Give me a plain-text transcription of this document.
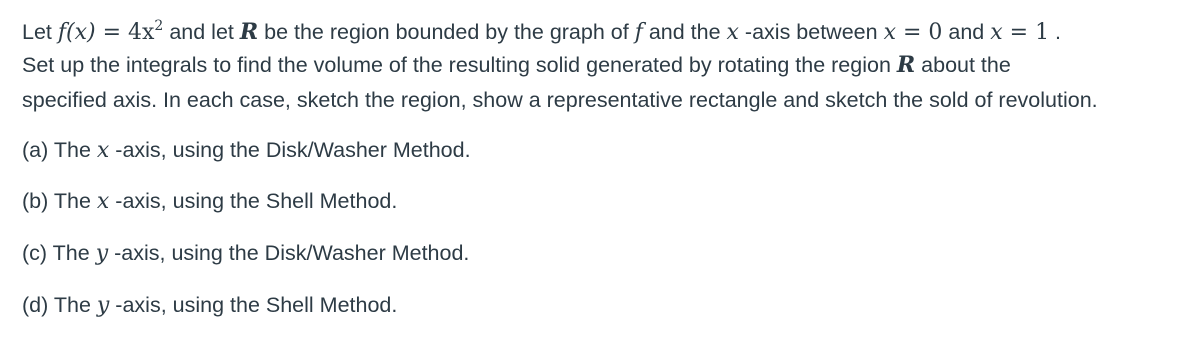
Let $f(x) = 4x^2$ and let R be the region bounded by the graph of f and the x -axis between x = 0 and x = 1 .
Set up the integrals to find the volume of the resulting solid generated by rotating the region R about the
specified axis. In each case, sketch the region, show a representative rectangle and sketch the sold of revolution.
(a) The x -axis, using the Disk/Washer Method.
(b) The x -axis, using the Shell Method.
(c) The y -axis, using the Disk/Washer Method.
(d) The y -axis, using the Shell Method.
